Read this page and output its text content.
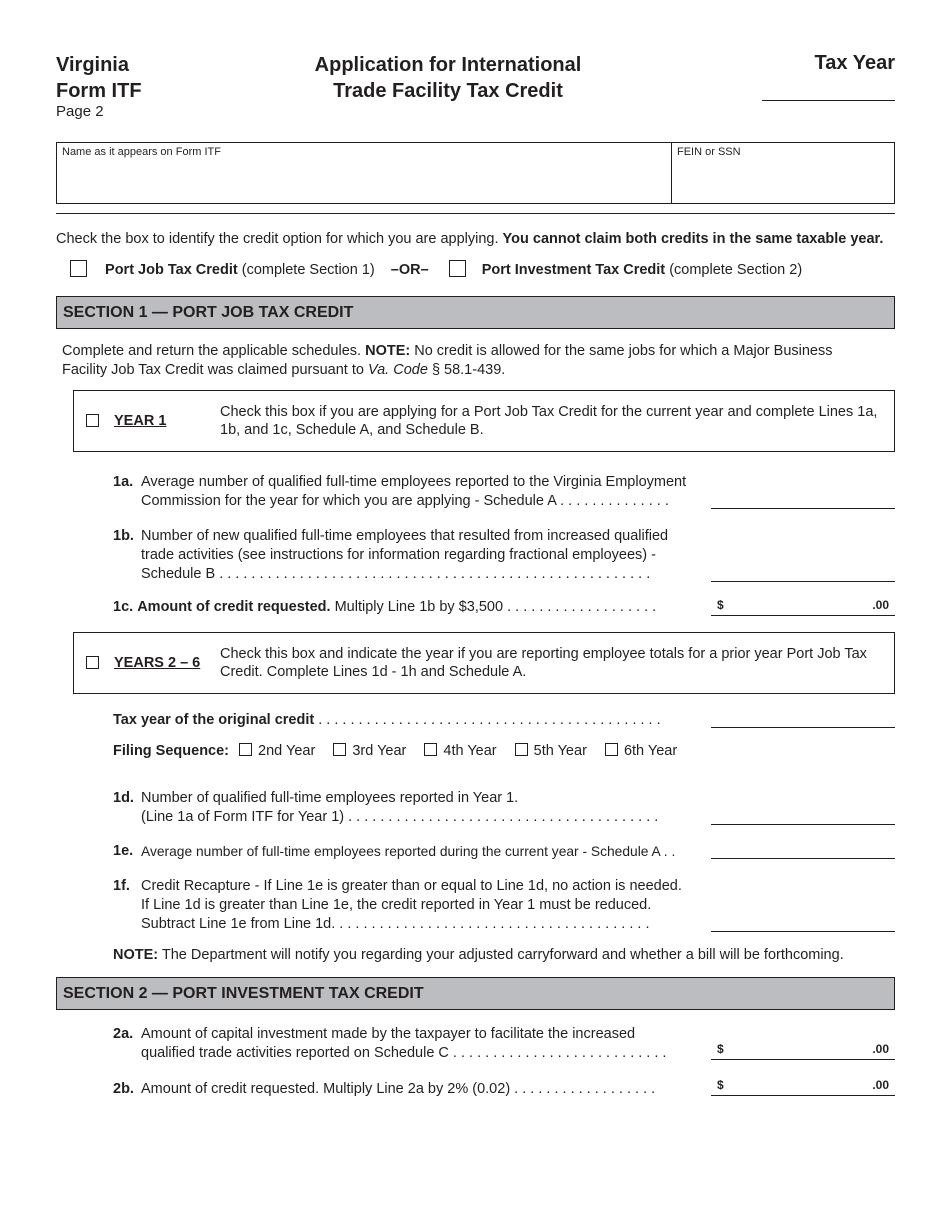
Virginia
Form ITF
Page 2
Application for International
Trade Facility Tax Credit
Tax Year
Name as it appears on Form ITF	FEIN or SSN
Check the box to identify the credit option for which you are applying. You cannot claim both credits in the same taxable year.
Port Job Tax Credit (complete Section 1) –OR–	Port Investment Tax Credit (complete Section 2)
SECTION 1 — PORT JOB TAX CREDIT
Complete and return the applicable schedules. NOTE: No credit is allowed for the same jobs for which a Major Business
Facility Job Tax Credit was claimed pursuant to Va. Code § 58.1-439.
YEAR 1
Check this box if you are applying for a Port Job Tax Credit for the current year and complete Lines 1a, 1b, and 1c, Schedule A, and Schedule B.
1a. Average number of qualified full-time employees reported to the Virginia Employment
Commission for the year for which you are applying - Schedule A . . . . . . . . . . . . . .
1b. Number of new qualified full-time employees that resulted from increased qualified
trade activities (see instructions for information regarding fractional employees) -
Schedule B . . . . . . . . . . . . . . . . . . . . . . . . . . . . . . . . . . . . . . . . . . . . . . . . . . . . . .
1c. Amount of credit requested. Multiply Line 1b by $3,500 . . . . . . . . . . . . . . . . . . .	$	.00
YEARS 2 – 6
Check this box and indicate the year if you are reporting employee totals for a prior year Port Job Tax Credit. Complete Lines 1d - 1h and Schedule A.
Tax year of the original credit . . . . . . . . . . . . . . . . . . . . . . . . . . . . . . . . . . . . . . . . . . .
Filing Sequence: 2nd Year	3rd Year	4th Year	5th Year	6th Year
1d. Number of qualified full-time employees reported in Year 1.
(Line 1a of Form ITF for Year 1) . . . . . . . . . . . . . . . . . . . . . . . . . . . . . . . . . . . . . . .
1e. Average number of full-time employees reported during the current year - Schedule A . .
1f. Credit Recapture - If Line 1e is greater than or equal to Line 1d, no action is needed.
If Line 1d is greater than Line 1e, the credit reported in Year 1 must be reduced.
Subtract Line 1e from Line 1d. . . . . . . . . . . . . . . . . . . . . . . . . . . . . . . . . . . . . . . .
NOTE: The Department will notify you regarding your adjusted carryforward and whether a bill will be forthcoming.
SECTION 2 — PORT INVESTMENT TAX CREDIT
2a. Amount of capital investment made by the taxpayer to facilitate the increased
qualified trade activities reported on Schedule C . . . . . . . . . . . . . . . . . . . . . . . . . . .	$	.00
2b. Amount of credit requested. Multiply Line 2a by 2% (0.02) . . . . . . . . . . . . . . . . . .	$	.00
